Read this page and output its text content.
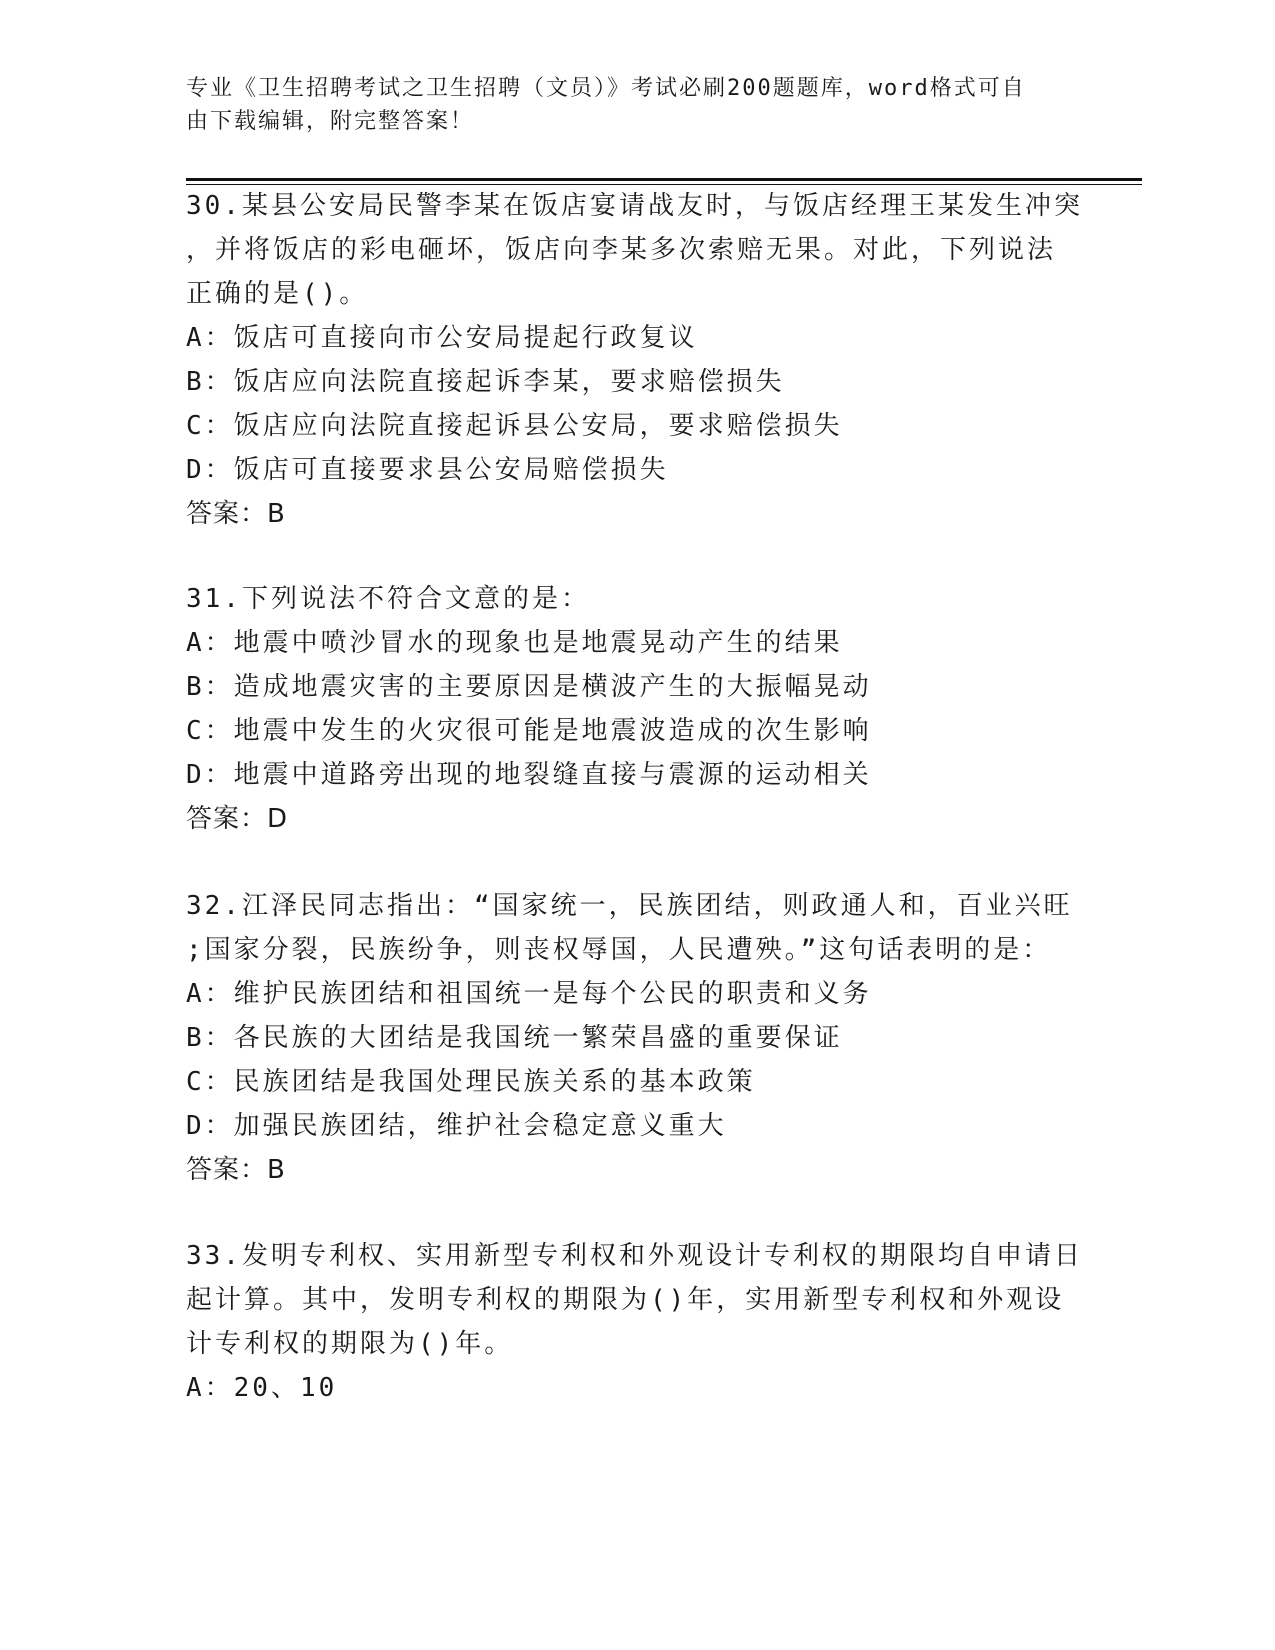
专业《卫生招聘考试之卫生招聘（文员）》考试必刷200题题库，word格式可自
由下载编辑，附完整答案！
30.某县公安局民警李某在饭店宴请战友时，与饭店经理王某发生冲突
，并将饭店的彩电砸坏，饭店向李某多次索赔无果。对此，下列说法
正确的是()。
A：饭店可直接向市公安局提起行政复议
B：饭店应向法院直接起诉李某，要求赔偿损失
C：饭店应向法院直接起诉县公安局，要求赔偿损失
D：饭店可直接要求县公安局赔偿损失
答案：B
31.下列说法不符合文意的是：
A：地震中喷沙冒水的现象也是地震晃动产生的结果
B：造成地震灾害的主要原因是横波产生的大振幅晃动
C：地震中发生的火灾很可能是地震波造成的次生影响
D：地震中道路旁出现的地裂缝直接与震源的运动相关
答案：D
32.江泽民同志指出：“国家统一，民族团结，则政通人和，百业兴旺
;国家分裂，民族纷争，则丧权辱国，人民遭殃。”这句话表明的是：
A：维护民族团结和祖国统一是每个公民的职责和义务
B：各民族的大团结是我国统一繁荣昌盛的重要保证
C：民族团结是我国处理民族关系的基本政策
D：加强民族团结，维护社会稳定意义重大
答案：B
33.发明专利权、实用新型专利权和外观设计专利权的期限均自申请日
起计算。其中，发明专利权的期限为()年，实用新型专利权和外观设
计专利权的期限为()年。
A：20、10
